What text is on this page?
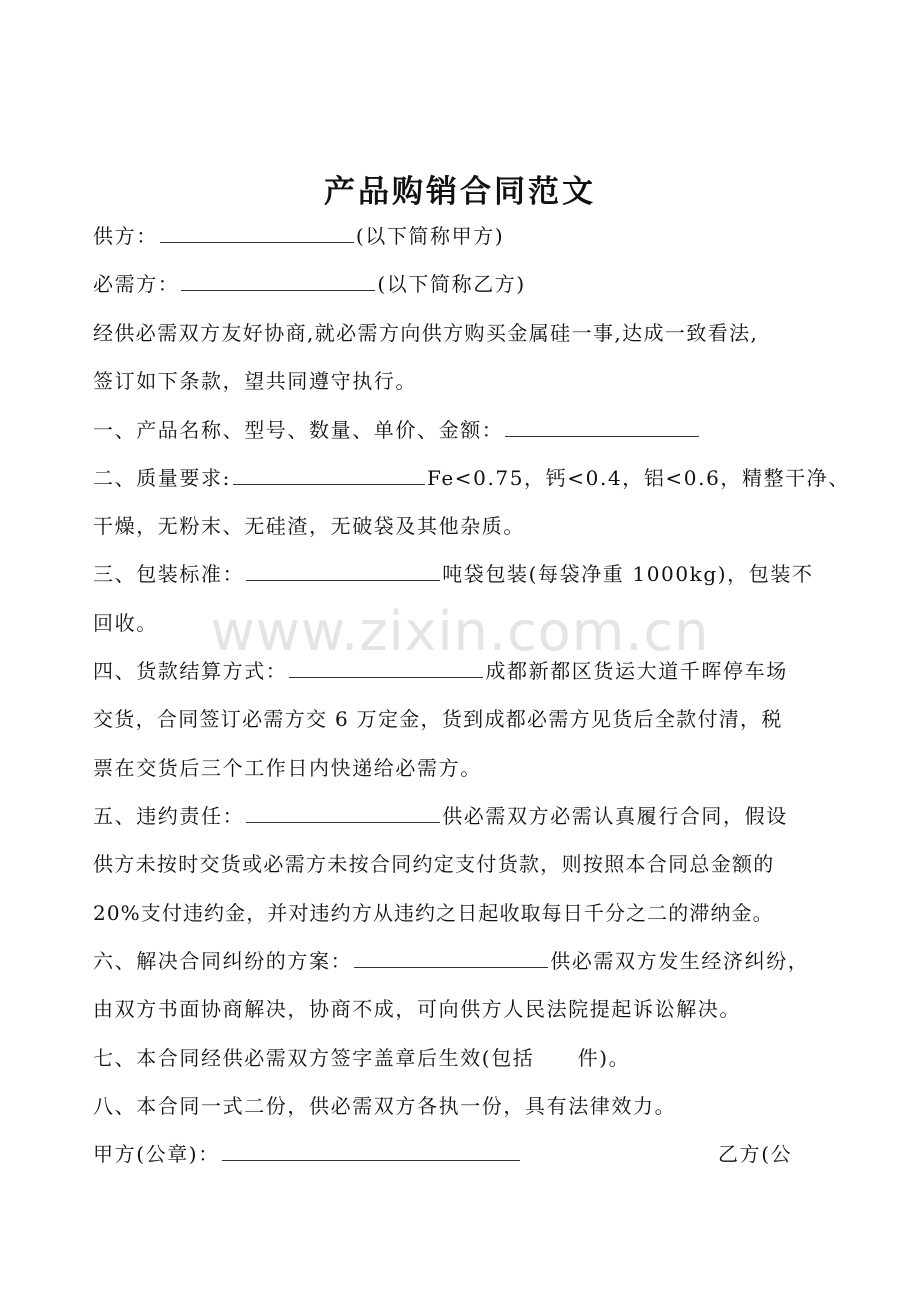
产品购销合同范文
供方：	(以下简称甲方)
必需方：	(以下简称乙方)
经供必需双方友好协商,就必需方向供方购买金属硅一事,达成一致看法,
签订如下条款，望共同遵守执行。
一、产品名称、型号、数量、单价、金额：
二、质量要求:	Fe<0.75，钙<0.4，铝<0.6，精整干净、
干燥，无粉末、无硅渣，无破袋及其他杂质。
三、包装标准：	吨袋包装(每袋净重 1000kg)，包装不
回收。
四、货款结算方式：	成都新都区货运大道千晖停车场
交货，合同签订必需方交 6 万定金，货到成都必需方见货后全款付清，税
票在交货后三个工作日内快递给必需方。
五、违约责任：	供必需双方必需认真履行合同，假设
供方未按时交货或必需方未按合同约定支付货款，则按照本合同总金额的
20%支付违约金，并对违约方从违约之日起收取每日千分之二的滞纳金。
六、解决合同纠纷的方案：	供必需双方发生经济纠纷，
由双方书面协商解决，协商不成，可向供方人民法院提起诉讼解决。
七、本合同经供必需双方签字盖章后生效(包括　　件)。
八、本合同一式二份，供必需双方各执一份，具有法律效力。
甲方(公章)：	乙方(公
www.zixin.com.cn
